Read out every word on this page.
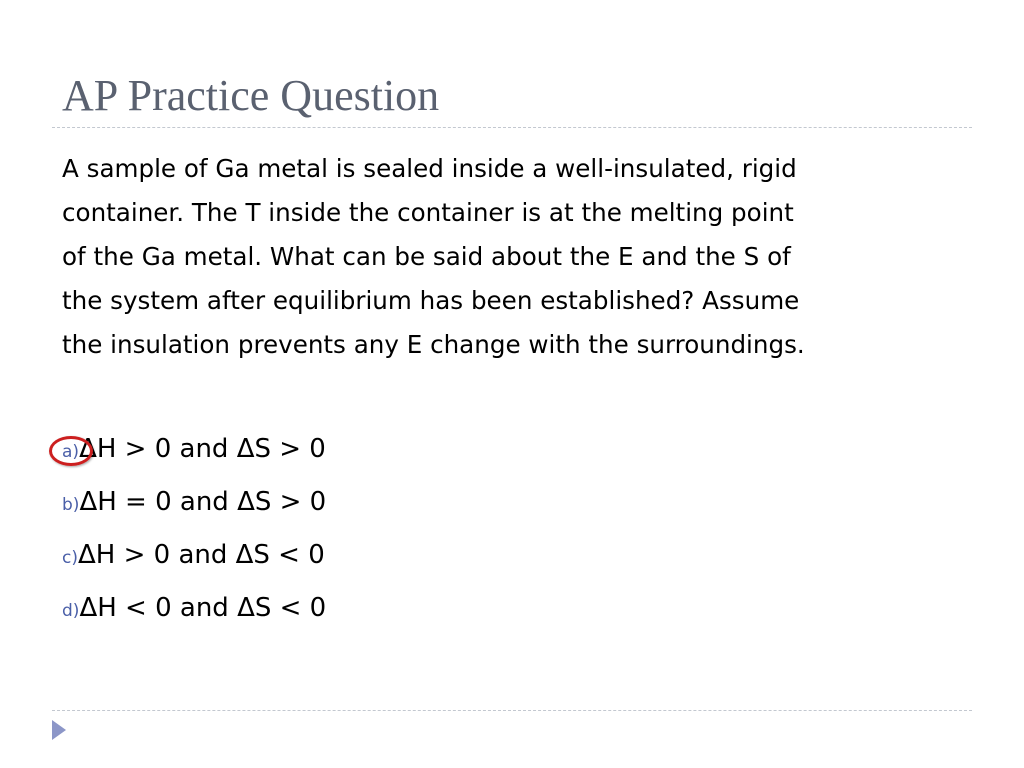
AP Practice Question

A sample of Ga metal is sealed inside a well-insulated, rigid
container. The T inside the container is at the melting point
of the Ga metal. What can be said about the E and the S of
the system after equilibrium has been established? Assume
the insulation prevents any E change with the surroundings.

a)ΔH > 0 and ΔS > 0
b)ΔH = 0 and ΔS > 0
c)ΔH > 0 and ΔS < 0
d)ΔH < 0 and ΔS < 0
